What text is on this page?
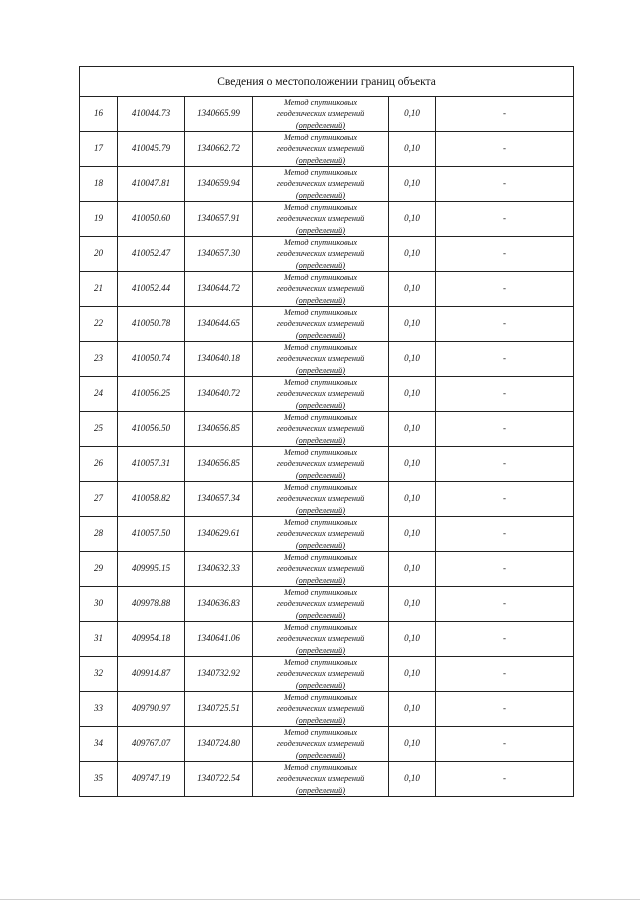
Сведения о местоположении границ объекта					
16	410044.73	1340665.99	Метод спутниковых
геодезических измерений
(определений)	0,10	-
17	410045.79	1340662.72	Метод спутниковых
геодезических измерений
(определений)	0,10	-
18	410047.81	1340659.94	Метод спутниковых
геодезических измерений
(определений)	0,10	-
19	410050.60	1340657.91	Метод спутниковых
геодезических измерений
(определений)	0,10	-
20	410052.47	1340657.30	Метод спутниковых
геодезических измерений
(определений)	0,10	-
21	410052.44	1340644.72	Метод спутниковых
геодезических измерений
(определений)	0,10	-
22	410050.78	1340644.65	Метод спутниковых
геодезических измерений
(определений)	0,10	-
23	410050.74	1340640.18	Метод спутниковых
геодезических измерений
(определений)	0,10	-
24	410056.25	1340640.72	Метод спутниковых
геодезических измерений
(определений)	0,10	-
25	410056.50	1340656.85	Метод спутниковых
геодезических измерений
(определений)	0,10	-
26	410057.31	1340656.85	Метод спутниковых
геодезических измерений
(определений)	0,10	-
27	410058.82	1340657.34	Метод спутниковых
геодезических измерений
(определений)	0,10	-
28	410057.50	1340629.61	Метод спутниковых
геодезических измерений
(определений)	0,10	-
29	409995.15	1340632.33	Метод спутниковых
геодезических измерений
(определений)	0,10	-
30	409978.88	1340636.83	Метод спутниковых
геодезических измерений
(определений)	0,10	-
31	409954.18	1340641.06	Метод спутниковых
геодезических измерений
(определений)	0,10	-
32	409914.87	1340732.92	Метод спутниковых
геодезических измерений
(определений)	0,10	-
33	409790.97	1340725.51	Метод спутниковых
геодезических измерений
(определений)	0,10	-
34	409767.07	1340724.80	Метод спутниковых
геодезических измерений
(определений)	0,10	-
35	409747.19	1340722.54	Метод спутниковых
геодезических измерений
(определений)	0,10	-
